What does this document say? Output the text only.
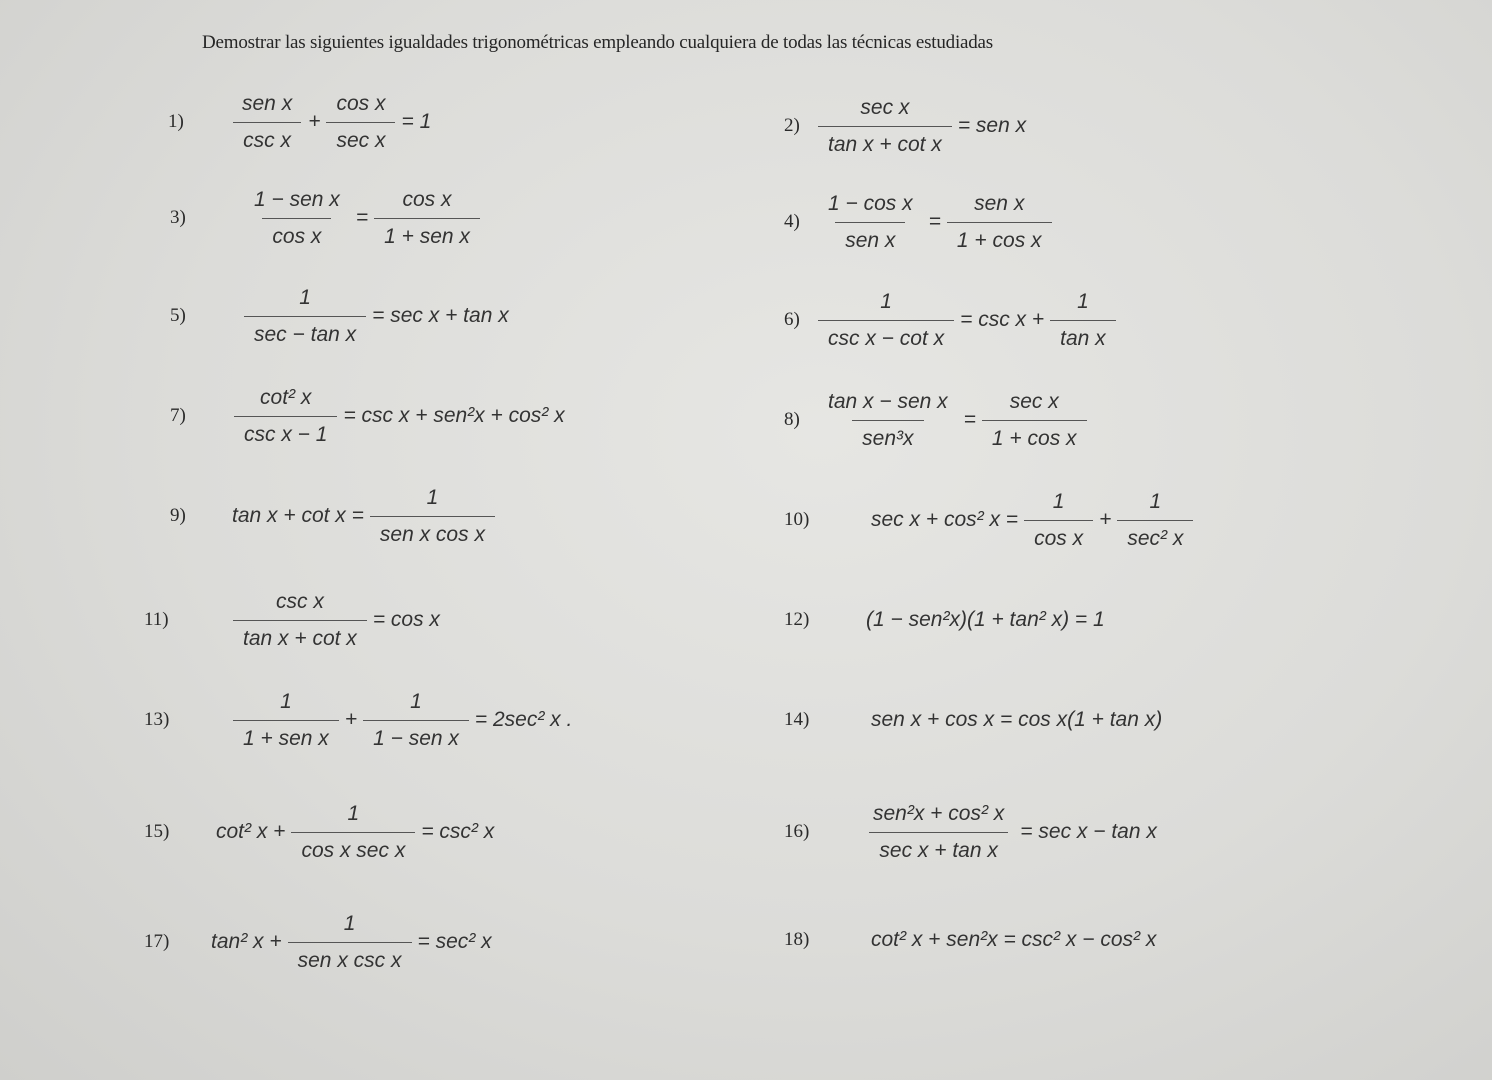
Demostrar las siguientes igualdades trigonométricas empleando cualquiera de todas las técnicas estudiadas
$1) \frac{\text{sen x}}{\text{csc x}} + \frac{\text{cos x}}{\text{sec x}} = 1$	$2) \frac{\text{sec x}}{\text{tan x + cot x}}$ = sen x
3)	$\frac{\text{1 − sen x}}{\text{cos x}} = \frac{\text{cos x}}{\text{1 + sen x}}$	$4) \frac{\text{1 − cos x}}{\text{sen x}} = \frac{\text{sen x}}{\text{1 + cos x}}$
5)	$\frac{1}{\text{sec − tan x}} = \sec x + \tan x$	$6) \frac{1}{\text{csc x − cot x}} = \csc x + \frac{1}{\text{tan x}}$
$7) \frac{\text{cot² x}}{\text{csc x − 1}} = \csc x + sen^2x + \cos^2$ x	$8) \frac{\text{tan x − sen x}}{\text{sen³x}} = \frac{\text{sec x}}{\text{1 + cos x}}$
9) $\tan x + \cot x = \frac{1}{\text{sen x cos x}}$	10)	sec x + cos² $x = \frac{1}{\text{cos x}} + \frac{1}{\text{sec² x}}$
11)	$\frac{\text{csc x}}{\text{tan x + cot x}} = \cos x$	12)	(1 − sen²x)(1 + tan² x) = 1
13)	$\frac{1}{\text{1 + sen x}} + \frac{1}{\text{1 − sen x}} = 2\sec^2$ x .	14)	sen x + cos x = cos x(1 + tan x)
15) cot² $x + \frac{1}{\text{cos x sec x}} = \csc^2$ x	16)	$\frac{\text{sen²x + cos² x}}{\text{sec x + tan x}} = \sec x - \tan x$
17) tan² $x + \frac{1}{\text{sen x csc x}} = \sec^2$ x	18)	cot² x + sen²x = csc² x − cos² x
